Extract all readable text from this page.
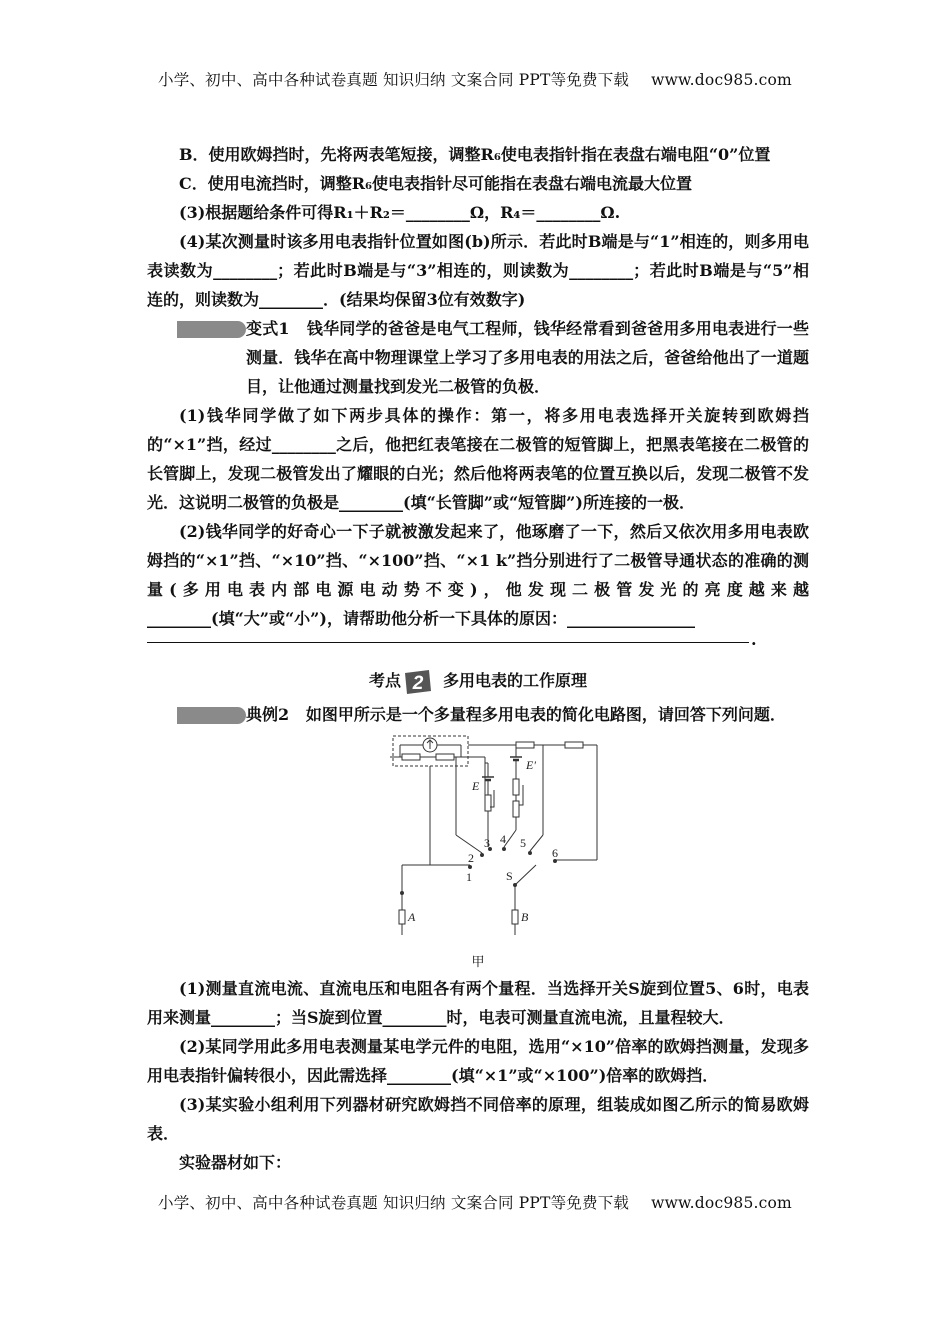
小学、初中、高中各种试卷真题 知识归纳 文案合同 PPT等免费下载 www.doc985.com

B．使用欧姆挡时，先将两表笔短接，调整R₆使电表指针指在表盘右端电阻“0”位置

C．使用电流挡时，调整R₆使电表指针尽可能指在表盘右端电流最大位置

(3)根据题给条件可得R₁＋R₂＝________Ω，R₄＝________Ω.

(4)某次测量时该多用电表指针位置如图(b)所示．若此时B端是与“1”相连的，则多用电表读数为________；若此时B端是与“3”相连的，则读数为________；若此时B端是与“5”相连的，则读数为________．(结果均保留3位有效数字)

变式1 钱华同学的爸爸是电气工程师，钱华经常看到爸爸用多用电表进行一些测量．钱华在高中物理课堂上学习了多用电表的用法之后，爸爸给他出了一道题目，让他通过测量找到发光二极管的负极．

(1)钱华同学做了如下两步具体的操作：第一，将多用电表选择开关旋转到欧姆挡的“×1”挡，经过________之后，他把红表笔接在二极管的短管脚上，把黑表笔接在二极管的长管脚上，发现二极管发出了耀眼的白光；然后他将两表笔的位置互换以后，发现二极管不发光．这说明二极管的负极是________(填“长管脚”或“短管脚”)所连接的一极．

(2)钱华同学的好奇心一下子就被激发起来了，他琢磨了一下，然后又依次用多用电表欧姆挡的“×1”挡、“×10”挡、“×100”挡、“×1 k”挡分别进行了二极管导通状态的准确的测量(多用电表内部电源电动势不变)，他发现二极管发光的亮度越来越________(填“大”或“小”)，请帮助他分析一下具体的原因：________________

.
考点 2 多用电表的工作原理

典例2 如图甲所示是一个多量程多用电表的简化电路图，请回答下列问题．

E
E′
1
2
3 4 5
6
S
A	B
甲

(1)测量直流电流、直流电压和电阻各有两个量程．当选择开关S旋到位置5、6时，电表用来测量________；当S旋到位置________时，电表可测量直流电流，且量程较大．

(2)某同学用此多用电表测量某电学元件的电阻，选用“×10”倍率的欧姆挡测量，发现多用电表指针偏转很小，因此需选择________(填“×1”或“×100”)倍率的欧姆挡．

(3)某实验小组利用下列器材研究欧姆挡不同倍率的原理，组装成如图乙所示的简易欧姆表．

实验器材如下：

小学、初中、高中各种试卷真题 知识归纳 文案合同 PPT等免费下载 www.doc985.com
